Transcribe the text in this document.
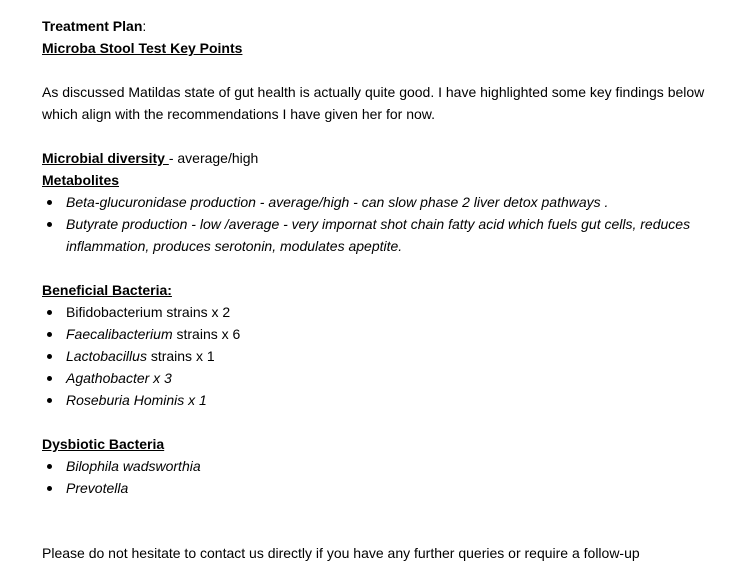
Treatment Plan:
Microba Stool Test Key Points
As discussed Matildas state of gut health is actually quite good. I have highlighted some key findings below which align with the recommendations I have given her for now.
Microbial diversity - average/high
Metabolites
Beta-glucuronidase production - average/high - can slow phase 2 liver detox pathways .
Butyrate production - low /average - very impornat shot chain fatty acid which fuels gut cells, reduces inflammation, produces serotonin, modulates apeptite.
Beneficial Bacteria:
Bifidobacterium strains x 2
Faecalibacterium strains x 6
Lactobacillus strains x 1
Agathobacter x 3
Roseburia Hominis x 1
Dysbiotic Bacteria
Bilophila wadsworthia
Prevotella
Please do not hesitate to contact us directly if you have any further queries or require a follow-up
